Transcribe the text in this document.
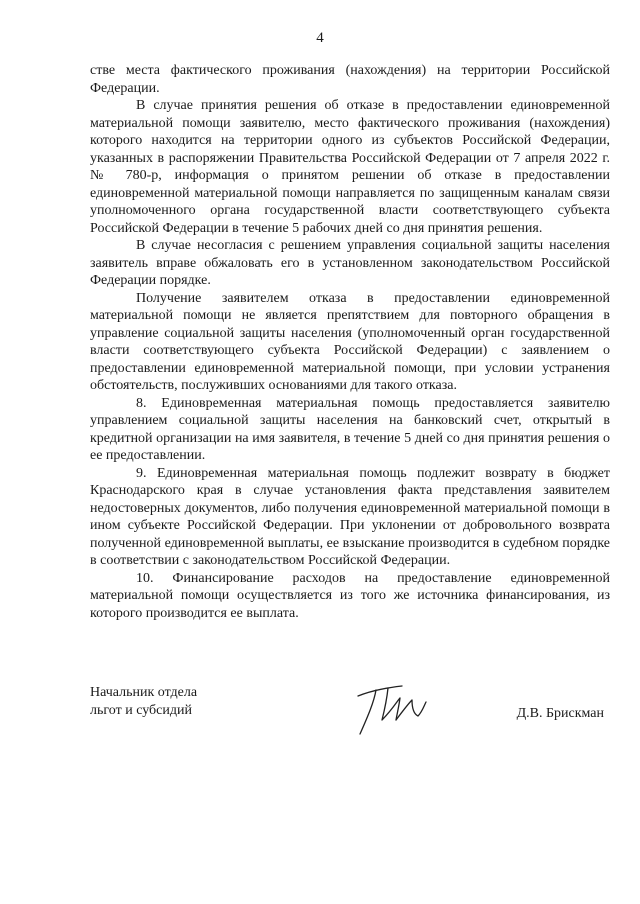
4

стве места фактического проживания (нахождения) на территории Российской Федерации.

В случае принятия решения об отказе в предоставлении единовременной материальной помощи заявителю, место фактического проживания (нахождения) которого находится на территории одного из субъектов Российской Федерации, указанных в распоряжении Правительства Российской Федерации от 7 апреля 2022 г. № 780-р, информация о принятом решении об отказе в предоставлении единовременной материальной помощи направляется по защищенным каналам связи уполномоченного органа государственной власти соответствующего субъекта Российской Федерации в течение 5 рабочих дней со дня принятия решения.

В случае несогласия с решением управления социальной защиты населения заявитель вправе обжаловать его в установленном законодательством Российской Федерации порядке.

Получение заявителем отказа в предоставлении единовременной материальной помощи не является препятствием для повторного обращения в управление социальной защиты населения (уполномоченный орган государственной власти соответствующего субъекта Российской Федерации) с заявлением о предоставлении единовременной материальной помощи, при условии устранения обстоятельств, послуживших основаниями для такого отказа.

8. Единовременная материальная помощь предоставляется заявителю управлением социальной защиты населения на банковский счет, открытый в кредитной организации на имя заявителя, в течение 5 дней со дня принятия решения о ее предоставлении.

9. Единовременная материальная помощь подлежит возврату в бюджет Краснодарского края в случае установления факта представления заявителем недостоверных документов, либо получения единовременной материальной помощи в ином субъекте Российской Федерации. При уклонении от добровольного возврата полученной единовременной выплаты, ее взыскание производится в судебном порядке в соответствии с законодательством Российской Федерации.

10. Финансирование расходов на предоставление единовременной материальной помощи осуществляется из того же источника финансирования, из которого производится ее выплата.

Начальник отдела
льгот и субсидий	Д.В. Брискман
